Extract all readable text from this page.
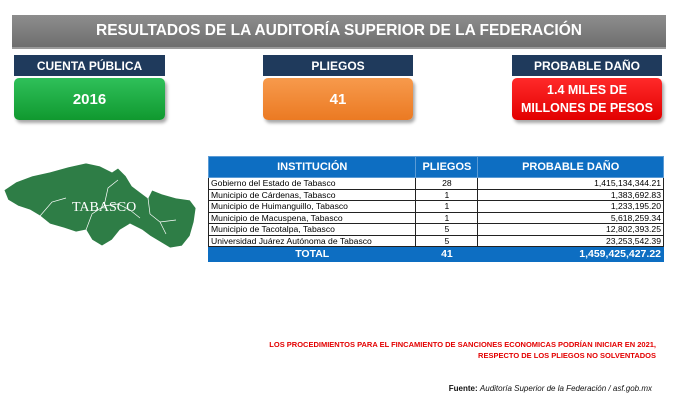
RESULTADOS DE LA AUDITORÍA SUPERIOR DE LA FEDERACIÓN
CUENTA PÚBLICA
2016
PLIEGOS
41
PROBABLE DAÑO
1.4 MILES DE
MILLONES DE PESOS
TABASCO
INSTITUCIÓN	PLIEGOS	PROBABLE DAÑO
Gobierno del Estado de Tabasco	28	1,415,134,344.21
Municipio de Cárdenas, Tabasco	1	1,383,692.83
Municipio de Huimanguillo, Tabasco	1	1,233,195.20
Municipio de Macuspena, Tabasco	1	5,618,259.34
Municipio de Tacotalpa, Tabasco	5	12,802,393.25
Universidad Juárez Autónoma de Tabasco	5	23,253,542.39
TOTAL	41	1,459,425,427.22
LOS PROCEDIMIENTOS PARA EL FINCAMIENTO DE SANCIONES ECONOMICAS PODRÍAN INICIAR EN 2021,
RESPECTO DE LOS PLIEGOS NO SOLVENTADOS
Fuente: Auditoría Superior de la Federación / asf.gob.mx
